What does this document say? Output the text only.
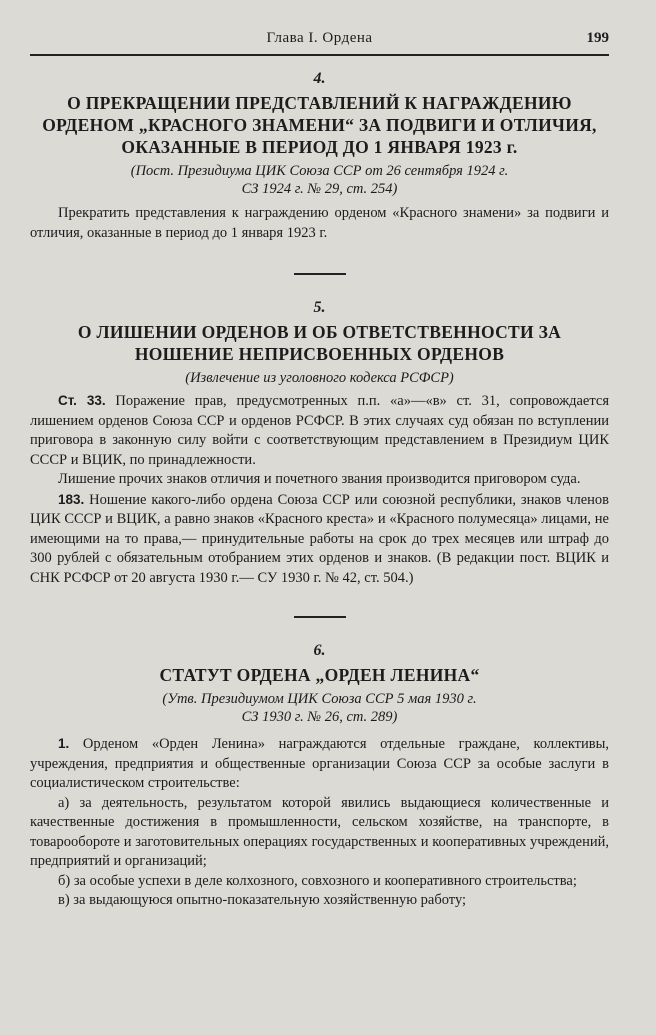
Глава I. Ордена	199
4.
О ПРЕКРАЩЕНИИ ПРЕДСТАВЛЕНИЙ К НАГРАЖДЕНИЮ
ОРДЕНОМ „КРАСНОГО ЗНАМЕНИ“ ЗА ПОДВИГИ И ОТЛИЧИЯ,
ОКАЗАННЫЕ В ПЕРИОД ДО 1 ЯНВАРЯ 1923 г.
(Пост. Президиума ЦИК Союза ССР от 26 сентября 1924 г.
СЗ 1924 г. № 29, ст. 254)

Прекратить представления к награждению орденом «Красного знамени» за подвиги и отличия, оказанные в период до 1 января 1923 г.

5.
О ЛИШЕНИИ ОРДЕНОВ И ОБ ОТВЕТСТВЕННОСТИ ЗА
НОШЕНИЕ НЕПРИСВОЕННЫХ ОРДЕНОВ
(Извлечение из уголовного кодекса РСФСР)

Ст. 33. Поражение прав, предусмотренных п.п. «а»—«в» ст. 31, сопровождается лишением орденов Союза ССР и орденов РСФСР. В этих случаях суд обязан по вступлении приговора в законную силу войти с соответствующим представлением в Президиум ЦИК СССР и ВЦИК, по принадлежности.

Лишение прочих знаков отличия и почетного звания производится приговором суда.

183. Ношение какого-либо ордена Союза ССР или союзной республики, знаков членов ЦИК СССР и ВЦИК, а равно знаков «Красного креста» и «Красного полумесяца» лицами, не имеющими на то права,— принудительные работы на срок до трех месяцев или штраф до 300 рублей с обязательным отобранием этих орденов и знаков. (В редакции пост. ВЦИК и СНК РСФСР от 20 августа 1930 г.— СУ 1930 г. № 42, ст. 504.)

6.
СТАТУТ ОРДЕНА „ОРДЕН ЛЕНИНА“
(Утв. Президиумом ЦИК Союза ССР 5 мая 1930 г.
СЗ 1930 г. № 26, ст. 289)

1. Орденом «Орден Ленина» награждаются отдельные граждане, коллективы, учреждения, предприятия и общественные организации Союза ССР за особые заслуги в социалистическом строительстве:

а) за деятельность, результатом которой явились выдающиеся количественные и качественные достижения в промышленности, сельском хозяйстве, на транспорте, в товарообороте и заготовительных операциях государственных и кооперативных учреждений, предприятий и организаций;

б) за особые успехи в деле колхозного, совхозного и кооперативного строительства;

в) за выдающуюся опытно-показательную хозяйственную работу;
